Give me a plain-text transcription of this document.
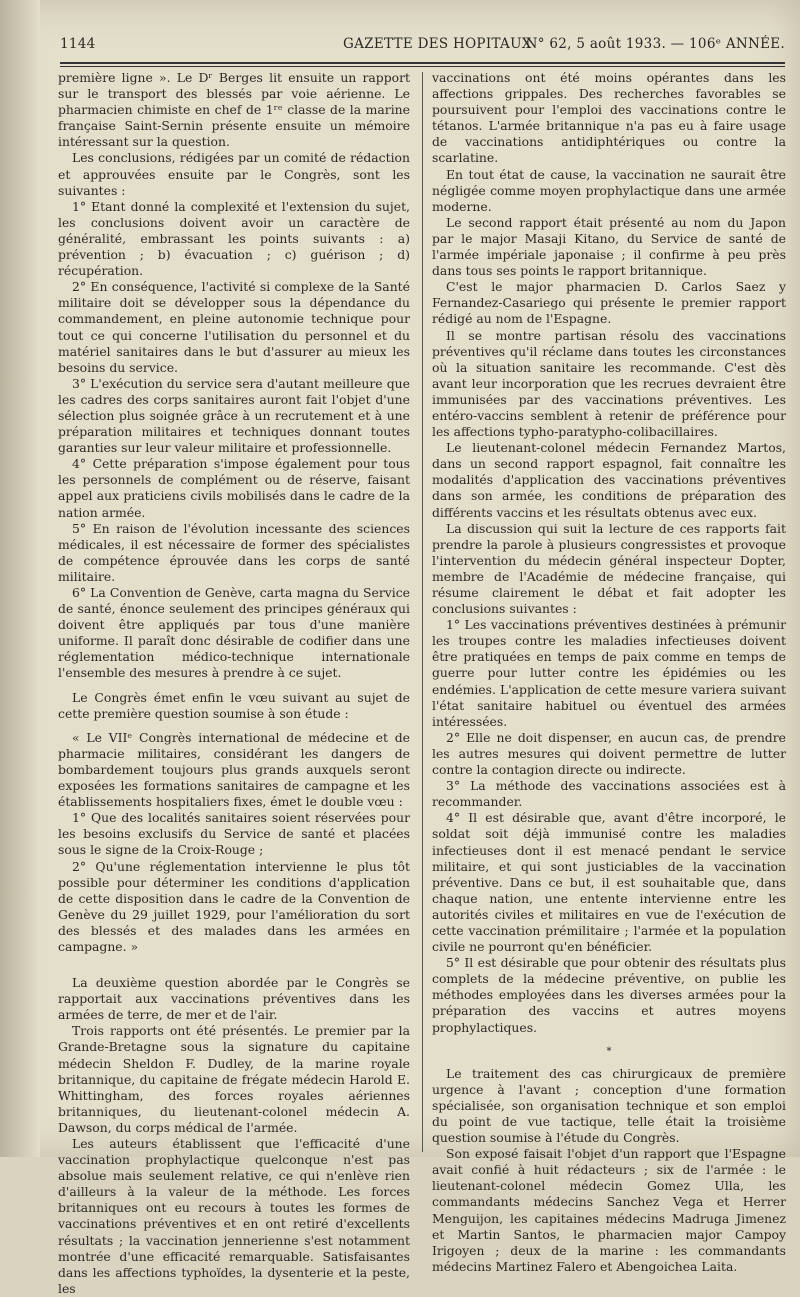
1144	GAZETTE DES HOPITAUX
N° 62, 5 août 1933. — 106ᵉ ANNÉE.

première ligne ». Le Dʳ Berges lit ensuite un rapport sur le transport des blessés par voie aérienne. Le pharmacien chimiste en chef de 1ʳᵉ classe de la marine française Saint-Sernin présente ensuite un mémoire intéressant sur la question.

Les conclusions, rédigées par un comité de rédaction et approuvées ensuite par le Congrès, sont les suivantes :

1° Etant donné la complexité et l'extension du sujet, les conclusions doivent avoir un caractère de généralité, embrassant les points suivants : a) prévention ; b) évacuation ; c) guérison ; d) récupération.

2° En conséquence, l'activité si complexe de la Santé militaire doit se développer sous la dépendance du commandement, en pleine autonomie technique pour tout ce qui concerne l'utilisation du personnel et du matériel sanitaires dans le but d'assurer au mieux les besoins du service.

3° L'exécution du service sera d'autant meilleure que les cadres des corps sanitaires auront fait l'objet d'une sélection plus soignée grâce à un recrutement et à une préparation militaires et techniques donnant toutes garanties sur leur valeur militaire et professionnelle.

4° Cette préparation s'impose également pour tous les personnels de complément ou de réserve, faisant appel aux praticiens civils mobilisés dans le cadre de la nation armée.

5° En raison de l'évolution incessante des sciences médicales, il est nécessaire de former des spécialistes de compétence éprouvée dans les corps de santé militaire.

6° La Convention de Genève, carta magna du Service de santé, énonce seulement des principes généraux qui doivent être appliqués par tous d'une manière uniforme. Il paraît donc désirable de codifier dans une réglementation médico-technique internationale l'ensemble des mesures à prendre à ce sujet.

Le Congrès émet enfin le vœu suivant au sujet de cette première question soumise à son étude :

« Le VIIᵉ Congrès international de médecine et de pharmacie militaires, considérant les dangers de bombardement toujours plus grands auxquels seront exposées les formations sanitaires de campagne et les établissements hospitaliers fixes, émet le double vœu :

1° Que des localités sanitaires soient réservées pour les besoins exclusifs du Service de santé et placées sous le signe de la Croix-Rouge ;

2° Qu'une réglementation intervienne le plus tôt possible pour déterminer les conditions d'application de cette disposition dans le cadre de la Convention de Genève du 29 juillet 1929, pour l'amélioration du sort des blessés et des malades dans les armées en campagne. »

La deuxième question abordée par le Congrès se rapportait aux vaccinations préventives dans les armées de terre, de mer et de l'air.

Trois rapports ont été présentés. Le premier par la Grande-Bretagne sous la signature du capitaine médecin Sheldon F. Dudley, de la marine royale britannique, du capitaine de frégate médecin Harold E. Whittingham, des forces royales aériennes britanniques, du lieutenant-colonel médecin A. Dawson, du corps médical de l'armée.

Les auteurs établissent que l'efficacité d'une vaccination prophylactique quelconque n'est pas absolue mais seulement relative, ce qui n'enlève rien d'ailleurs à la valeur de la méthode. Les forces britanniques ont eu recours à toutes les formes de vaccinations préventives et en ont retiré d'excellents résultats ; la vaccination jennerienne s'est notamment montrée d'une efficacité remarquable. Satisfaisantes dans les affections typhoïdes, la dysenterie et la peste, les

vaccinations ont été moins opérantes dans les affections grippales. Des recherches favorables se poursuivent pour l'emploi des vaccinations contre le tétanos. L'armée britannique n'a pas eu à faire usage de vaccinations antidiphtériques ou contre la scarlatine.

En tout état de cause, la vaccination ne saurait être négligée comme moyen prophylactique dans une armée moderne.

Le second rapport était présenté au nom du Japon par le major Masaji Kitano, du Service de santé de l'armée impériale japonaise ; il confirme à peu près dans tous ses points le rapport britannique.

C'est le major pharmacien D. Carlos Saez y Fernandez-Casariego qui présente le premier rapport rédigé au nom de l'Espagne.

Il se montre partisan résolu des vaccinations préventives qu'il réclame dans toutes les circonstances où la situation sanitaire les recommande. C'est dès avant leur incorporation que les recrues devraient être immunisées par des vaccinations préventives. Les entéro-vaccins semblent à retenir de préférence pour les affections typho-paratypho-colibacillaires.

Le lieutenant-colonel médecin Fernandez Martos, dans un second rapport espagnol, fait connaître les modalités d'application des vaccinations préventives dans son armée, les conditions de préparation des différents vaccins et les résultats obtenus avec eux.

La discussion qui suit la lecture de ces rapports fait prendre la parole à plusieurs congressistes et provoque l'intervention du médecin général inspecteur Dopter, membre de l'Académie de médecine française, qui résume clairement le débat et fait adopter les conclusions suivantes :

1° Les vaccinations préventives destinées à prémunir les troupes contre les maladies infectieuses doivent être pratiquées en temps de paix comme en temps de guerre pour lutter contre les épidémies ou les endémies. L'application de cette mesure variera suivant l'état sanitaire habituel ou éventuel des armées intéressées.

2° Elle ne doit dispenser, en aucun cas, de prendre les autres mesures qui doivent permettre de lutter contre la contagion directe ou indirecte.

3° La méthode des vaccinations associées est à recommander.

4° Il est désirable que, avant d'être incorporé, le soldat soit déjà immunisé contre les maladies infectieuses dont il est menacé pendant le service militaire, et qui sont justiciables de la vaccination préventive. Dans ce but, il est souhaitable que, dans chaque nation, une entente intervienne entre les autorités civiles et militaires en vue de l'exécution de cette vaccination prémilitaire ; l'armée et la population civile ne pourront qu'en bénéficier.

5° Il est désirable que pour obtenir des résultats plus complets de la médecine préventive, on publie les méthodes employées dans les diverses armées pour la préparation des vaccins et autres moyens prophylactiques.

*

Le traitement des cas chirurgicaux de première urgence à l'avant ; conception d'une formation spécialisée, son organisation technique et son emploi du point de vue tactique, telle était la troisième question soumise à l'étude du Congrès.

Son exposé faisait l'objet d'un rapport que l'Espagne avait confié à huit rédacteurs ; six de l'armée : le lieutenant-colonel médecin Gomez Ulla, les commandants médecins Sanchez Vega et Herrer Menguijon, les capitaines médecins Madruga Jimenez et Martin Santos, le pharmacien major Campoy Irigoyen ; deux de la marine : les commandants médecins Martinez Falero et Abengoichea Laita.
